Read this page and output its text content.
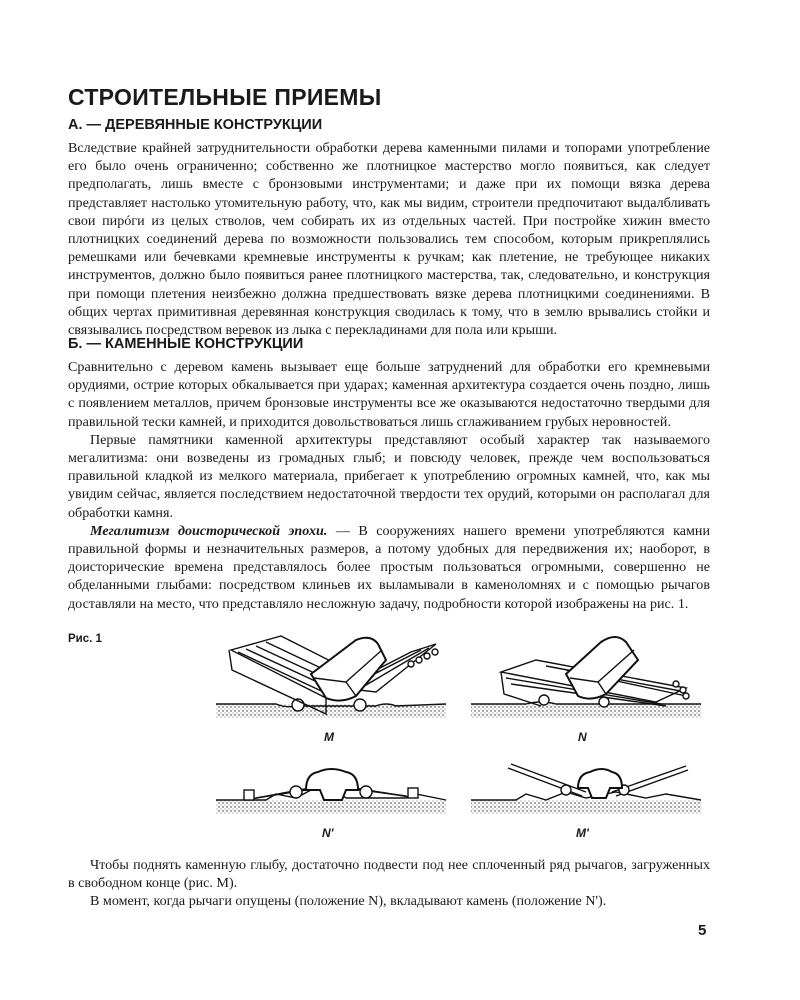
СТРОИТЕЛЬНЫЕ ПРИЕМЫ
А. — ДЕРЕВЯННЫЕ КОНСТРУКЦИИ

Вследствие крайней затруднительности обработки дерева каменными пилами и топорами употребление его было очень ограниченно; собственно же плотницкое мастерство могло появиться, как следует предполагать, лишь вместе с бронзовыми инструментами; и даже при их помощи вязка дерева представляет настолько утомительную работу, что, как мы видим, строители предпочитают выдалбливать свои пирóги из целых стволов, чем собирать их из отдельных частей. При постройке хижин вместо плотницких соединений дерева по возможности пользовались тем способом, которым прикреплялись ремешками или бечевками кремневые инструменты к ручкам; как плетение, не требующее никаких инструментов, должно было появиться ранее плотницкого мастерства, так, следовательно, и конструкция при помощи плетения неизбежно должна предшествовать вязке дерева плотницкими соединениями. В общих чертах примитивная деревянная конструкция сводилась к тому, что в землю врывались стойки и связывались посредством веревок из лыка с перекладинами для пола или крыши.

Б. — КАМЕННЫЕ КОНСТРУКЦИИ

Сравнительно с деревом камень вызывает еще больше затруднений для обработки его кремневыми орудиями, острие которых обкалывается при ударах; каменная архитектура создается очень поздно, лишь с появлением металлов, причем бронзовые инструменты все же оказываются недостаточно твердыми для правильной тески камней, и приходится довольствоваться лишь сглаживанием грубых неровностей.

Первые памятники каменной архитектуры представляют особый характер так называемого мегалитизма: они возведены из громадных глыб; и повсюду человек, прежде чем воспользоваться правильной кладкой из мелкого материала, прибегает к употреблению огромных камней, что, как мы увидим сейчас, является последствием недостаточной твердости тех орудий, которыми он располагал для обработки камня.

Мегалитизм доисторической эпохи. — В сооружениях нашего времени употребляются камни правильной формы и незначительных размеров, а потому удобных для передвижения их; наоборот, в доисторические времена представлялось более простым пользоваться огромными, совершенно не обделанными глыбами: посредством клиньев их выламывали в каменоломнях и с помощью рычагов доставляли на место, что представляло несложную задачу, подробности которой изображены на рис. 1.

Рис. 1
M	N
N'	M'

Чтобы поднять каменную глыбу, достаточно подвести под нее сплоченный ряд рычагов, загруженных в свободном конце (рис. M).

В момент, когда рычаги опущены (положение N), вкладывают камень (положение N').

5
